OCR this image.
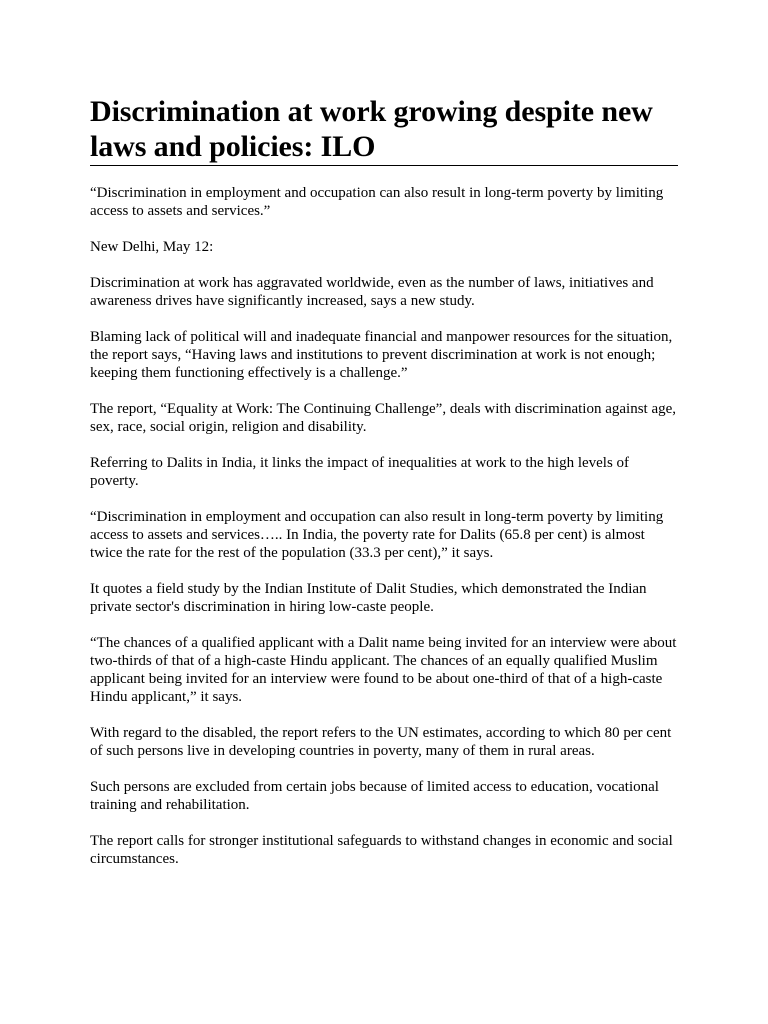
Discrimination at work growing despite new laws and policies: ILO

“Discrimination in employment and occupation can also result in long-term poverty by limiting access to assets and services.”

New Delhi, May 12:

Discrimination at work has aggravated worldwide, even as the number of laws, initiatives and awareness drives have significantly increased, says a new study.

Blaming lack of political will and inadequate financial and manpower resources for the situation, the report says, “Having laws and institutions to prevent discrimination at work is not enough; keeping them functioning effectively is a challenge.”

The report, “Equality at Work: The Continuing Challenge”, deals with discrimination against age, sex, race, social origin, religion and disability.

Referring to Dalits in India, it links the impact of inequalities at work to the high levels of poverty.

“Discrimination in employment and occupation can also result in long-term poverty by limiting access to assets and services….. In India, the poverty rate for Dalits (65.8 per cent) is almost twice the rate for the rest of the population (33.3 per cent),” it says.

It quotes a field study by the Indian Institute of Dalit Studies, which demonstrated the Indian private sector's discrimination in hiring low-caste people.

“The chances of a qualified applicant with a Dalit name being invited for an interview were about two-thirds of that of a high-caste Hindu applicant. The chances of an equally qualified Muslim applicant being invited for an interview were found to be about one-third of that of a high-caste Hindu applicant,” it says.

With regard to the disabled, the report refers to the UN estimates, according to which 80 per cent of such persons live in developing countries in poverty, many of them in rural areas.

Such persons are excluded from certain jobs because of limited access to education, vocational training and rehabilitation.

The report calls for stronger institutional safeguards to withstand changes in economic and social circumstances.
